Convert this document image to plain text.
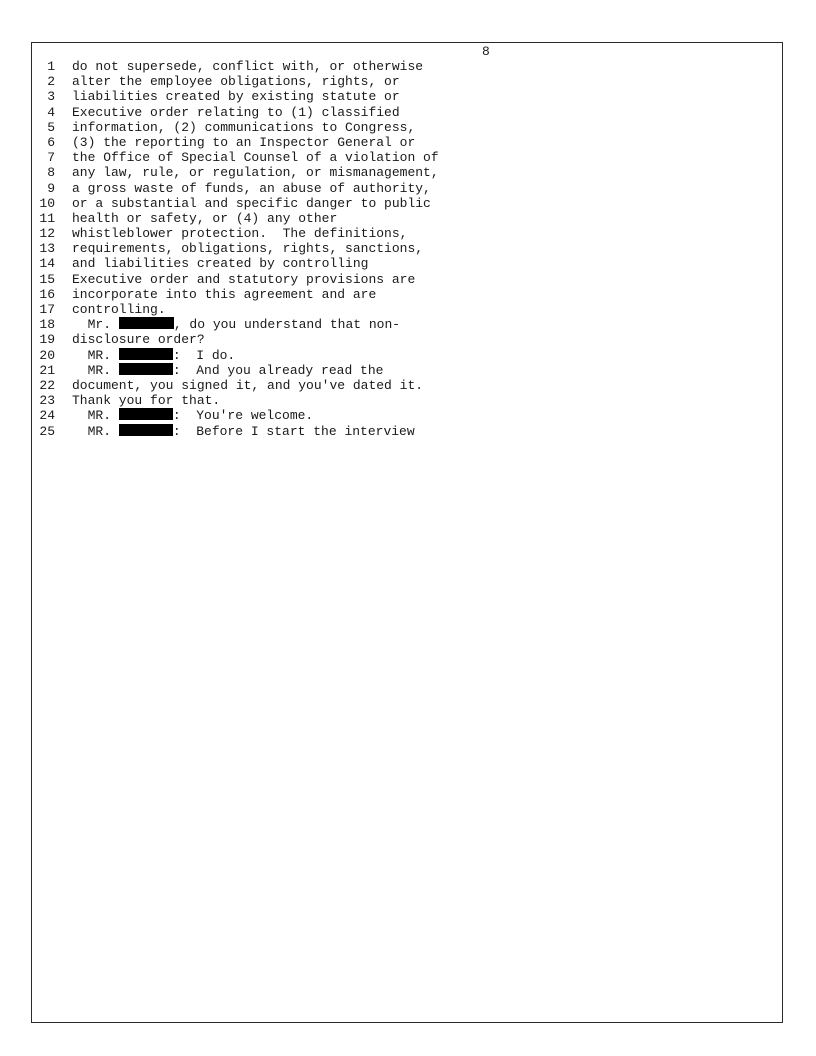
8
1 do not supersede, conflict with, or otherwise
2 alter the employee obligations, rights, or
3 liabilities created by existing statute or
4 Executive order relating to (1) classified
5 information, (2) communications to Congress,
6 (3) the reporting to an Inspector General or
7 the Office of Special Counsel of a violation of
8 any law, rule, or regulation, or mismanagement,
9 a gross waste of funds, an abuse of authority,
10 or a substantial and specific danger to public
11 health or safety, or (4) any other
12 whistleblower protection.  The definitions,
13 requirements, obligations, rights, sanctions,
14 and liabilities created by controlling
15 Executive order and statutory provisions are
16 incorporate into this agreement and are
17 controlling.
18 Mr.	, do you understand that non-
19 disclosure order?
20 MR.	:  I do.
21 MR.	:  And you already read the
22 document, you signed it, and you've dated it.
23 Thank you for that.
24 MR.	:  You're welcome.
25 MR.	:  Before I start the interview
